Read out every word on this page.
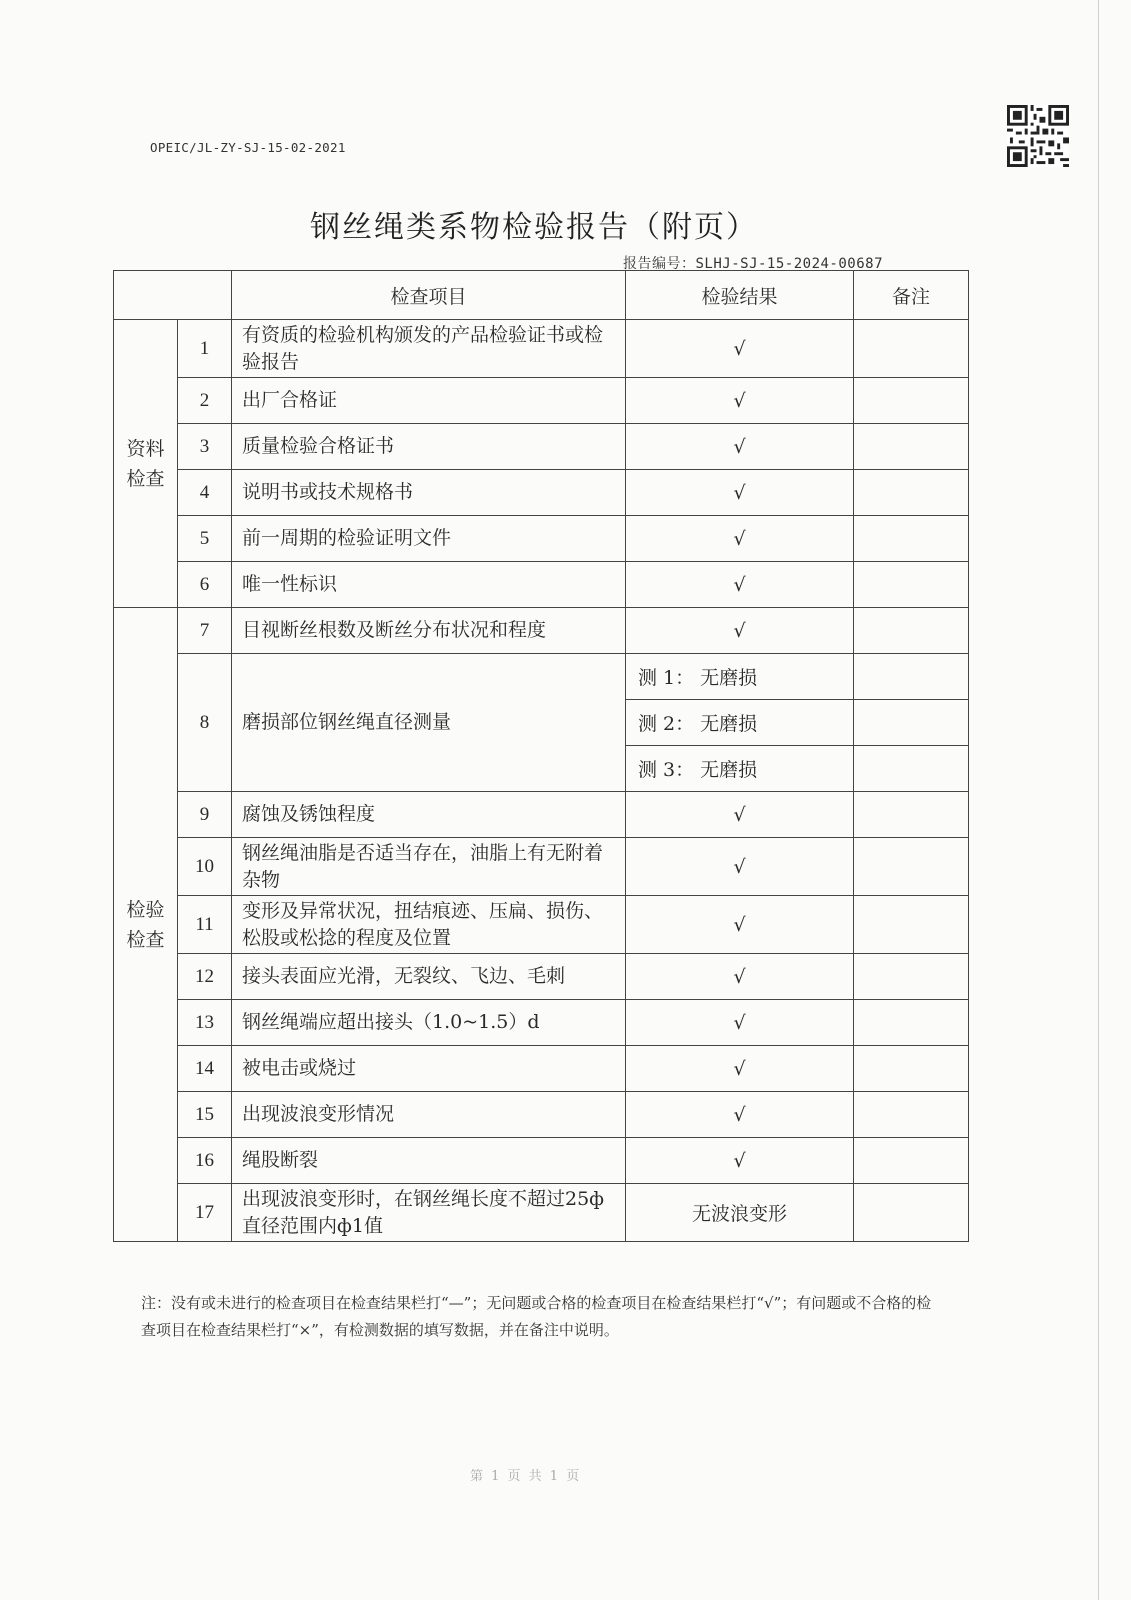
OPEIC/JL-ZY-SJ-15-02-2021
钢丝绳类系物检验报告（附页）
报告编号：SLHJ-SJ-15-2024-00687
		检查项目	检验结果	备注

资料检查	1	有资质的检验机构颁发的产品检验证书或检验报告	√	
	2	出厂合格证	√	
	3	质量检验合格证书	√	
	4	说明书或技术规格书	√	
	5	前一周期的检验证明文件	√	
	6	唯一性标识	√	

检验检查	7	目视断丝根数及断丝分布状况和程度	√	
	8	磨损部位钢丝绳直径测量	测 1： 无磨损	
			测 2： 无磨损	
			测 3： 无磨损	
	9	腐蚀及锈蚀程度	√	
	10	钢丝绳油脂是否适当存在，油脂上有无附着杂物	√	
	11	变形及异常状况，扭结痕迹、压扁、损伤、松股或松捻的程度及位置	√	
	12	接头表面应光滑，无裂纹、飞边、毛刺	√	
	13	钢丝绳端应超出接头（1.0~1.5）d	√	
	14	被电击或烧过	√	
	15	出现波浪变形情况	√	
	16	绳股断裂	√	
	17	出现波浪变形时，在钢丝绳长度不超过25ф直径范围内ф1值	无波浪变形	
注：没有或未进行的检查项目在检查结果栏打“—”；无问题或合格的检查项目在检查结果栏打“√”；有问题或不合格的检查项目在检查结果栏打“×”，有检测数据的填写数据，并在备注中说明。
第 1 页 共 1 页
